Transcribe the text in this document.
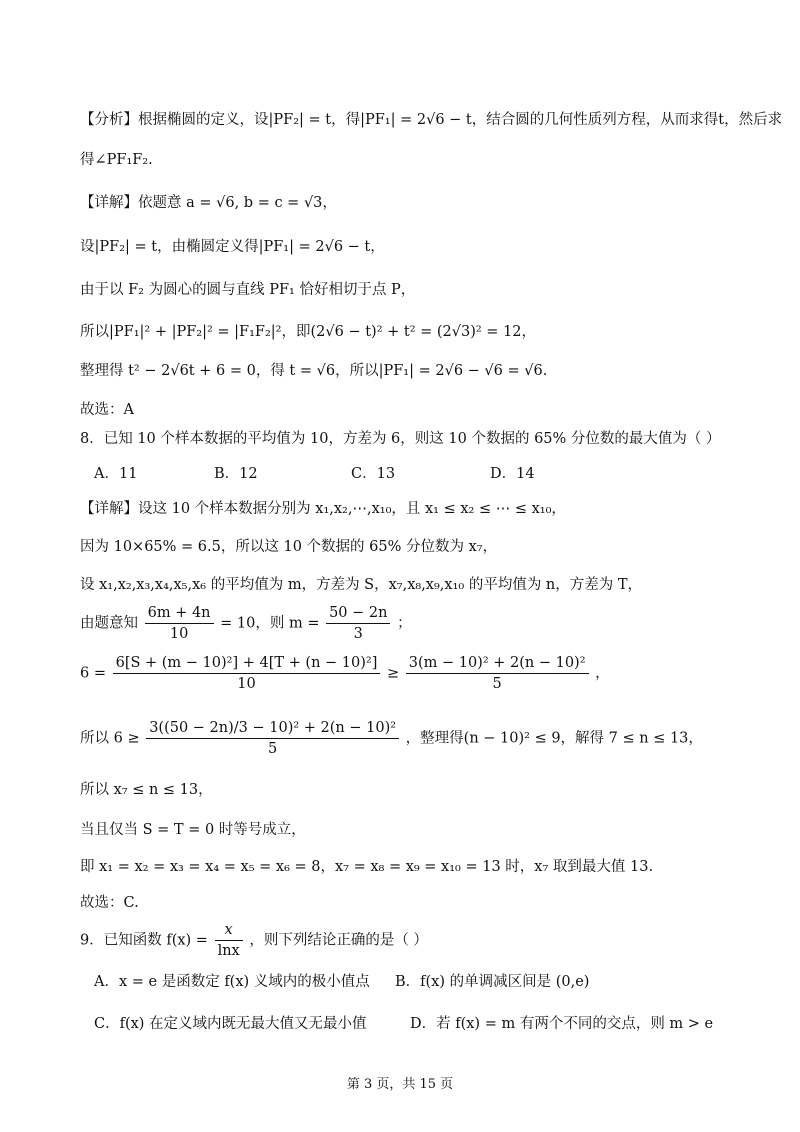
【分析】根据椭圆的定义，设|PF₂| = t，得|PF₁| = 2√6 − t，结合圆的几何性质列方程，从而求得t，然后求
得∠PF₁F₂.
【详解】依题意 a = √6, b = c = √3，
设|PF₂| = t，由椭圆定义得|PF₁| = 2√6 − t，
由于以 F₂ 为圆心的圆与直线 PF₁ 恰好相切于点 P，
所以|PF₁|² + |PF₂|² = |F₁F₂|²，即(2√6 − t)² + t² = (2√3)² = 12，
整理得 t² − 2√6t + 6 = 0，得 t = √6，所以|PF₁| = 2√6 − √6 = √6.
故选：A
8．已知 10 个样本数据的平均值为 10，方差为 6，则这 10 个数据的 65% 分位数的最大值为（ ）
A．11	B．12	C．13	D．14
【详解】设这 10 个样本数据分别为 x₁,x₂,⋯,x₁₀，且 x₁ ≤ x₂ ≤ ⋯ ≤ x₁₀，
因为 10×65% = 6.5，所以这 10 个数据的 65% 分位数为 x₇，
设 x₁,x₂,x₃,x₄,x₅,x₆ 的平均值为 m，方差为 S，x₇,x₈,x₉,x₁₀ 的平均值为 n，方差为 T，
由题意知 $\frac{6m + 4n}{10} = 10$，则 $m = \frac{50 - 2n}{3}$ ；
$6 = \frac{\text{6[S + (m − 10)²] + 4[T + (n − 10)²]}}{10} \ge \frac{\text{3(m − 10)² + 2(n − 10)²}}{5}$ ，
所以 $6 \ge \frac{\text{3((50 − 2n)/3 − 10)² + 2(n − 10)²}}{5}$ ，整理得(n − 10)² ≤ 9，解得 7 ≤ n ≤ 13，
所以 x₇ ≤ n ≤ 13，
当且仅当 S = T = 0 时等号成立，
即 x₁ = x₂ = x₃ = x₄ = x₅ = x₆ = 8，x₇ = x₈ = x₉ = x₁₀ = 13 时，x₇ 取到最大值 13.
故选：C.
9．已知函数 $f(x) = \frac{x}{\ln x}$ ，则下列结论正确的是（ ）
A．x = e 是函数定 f(x) 义域内的极小值点 B．f(x) 的单调减区间是 (0,e)
C．f(x) 在定义域内既无最大值又无最小值	D．若 f(x) = m 有两个不同的交点，则 m > e
第 3 页，共 15 页
